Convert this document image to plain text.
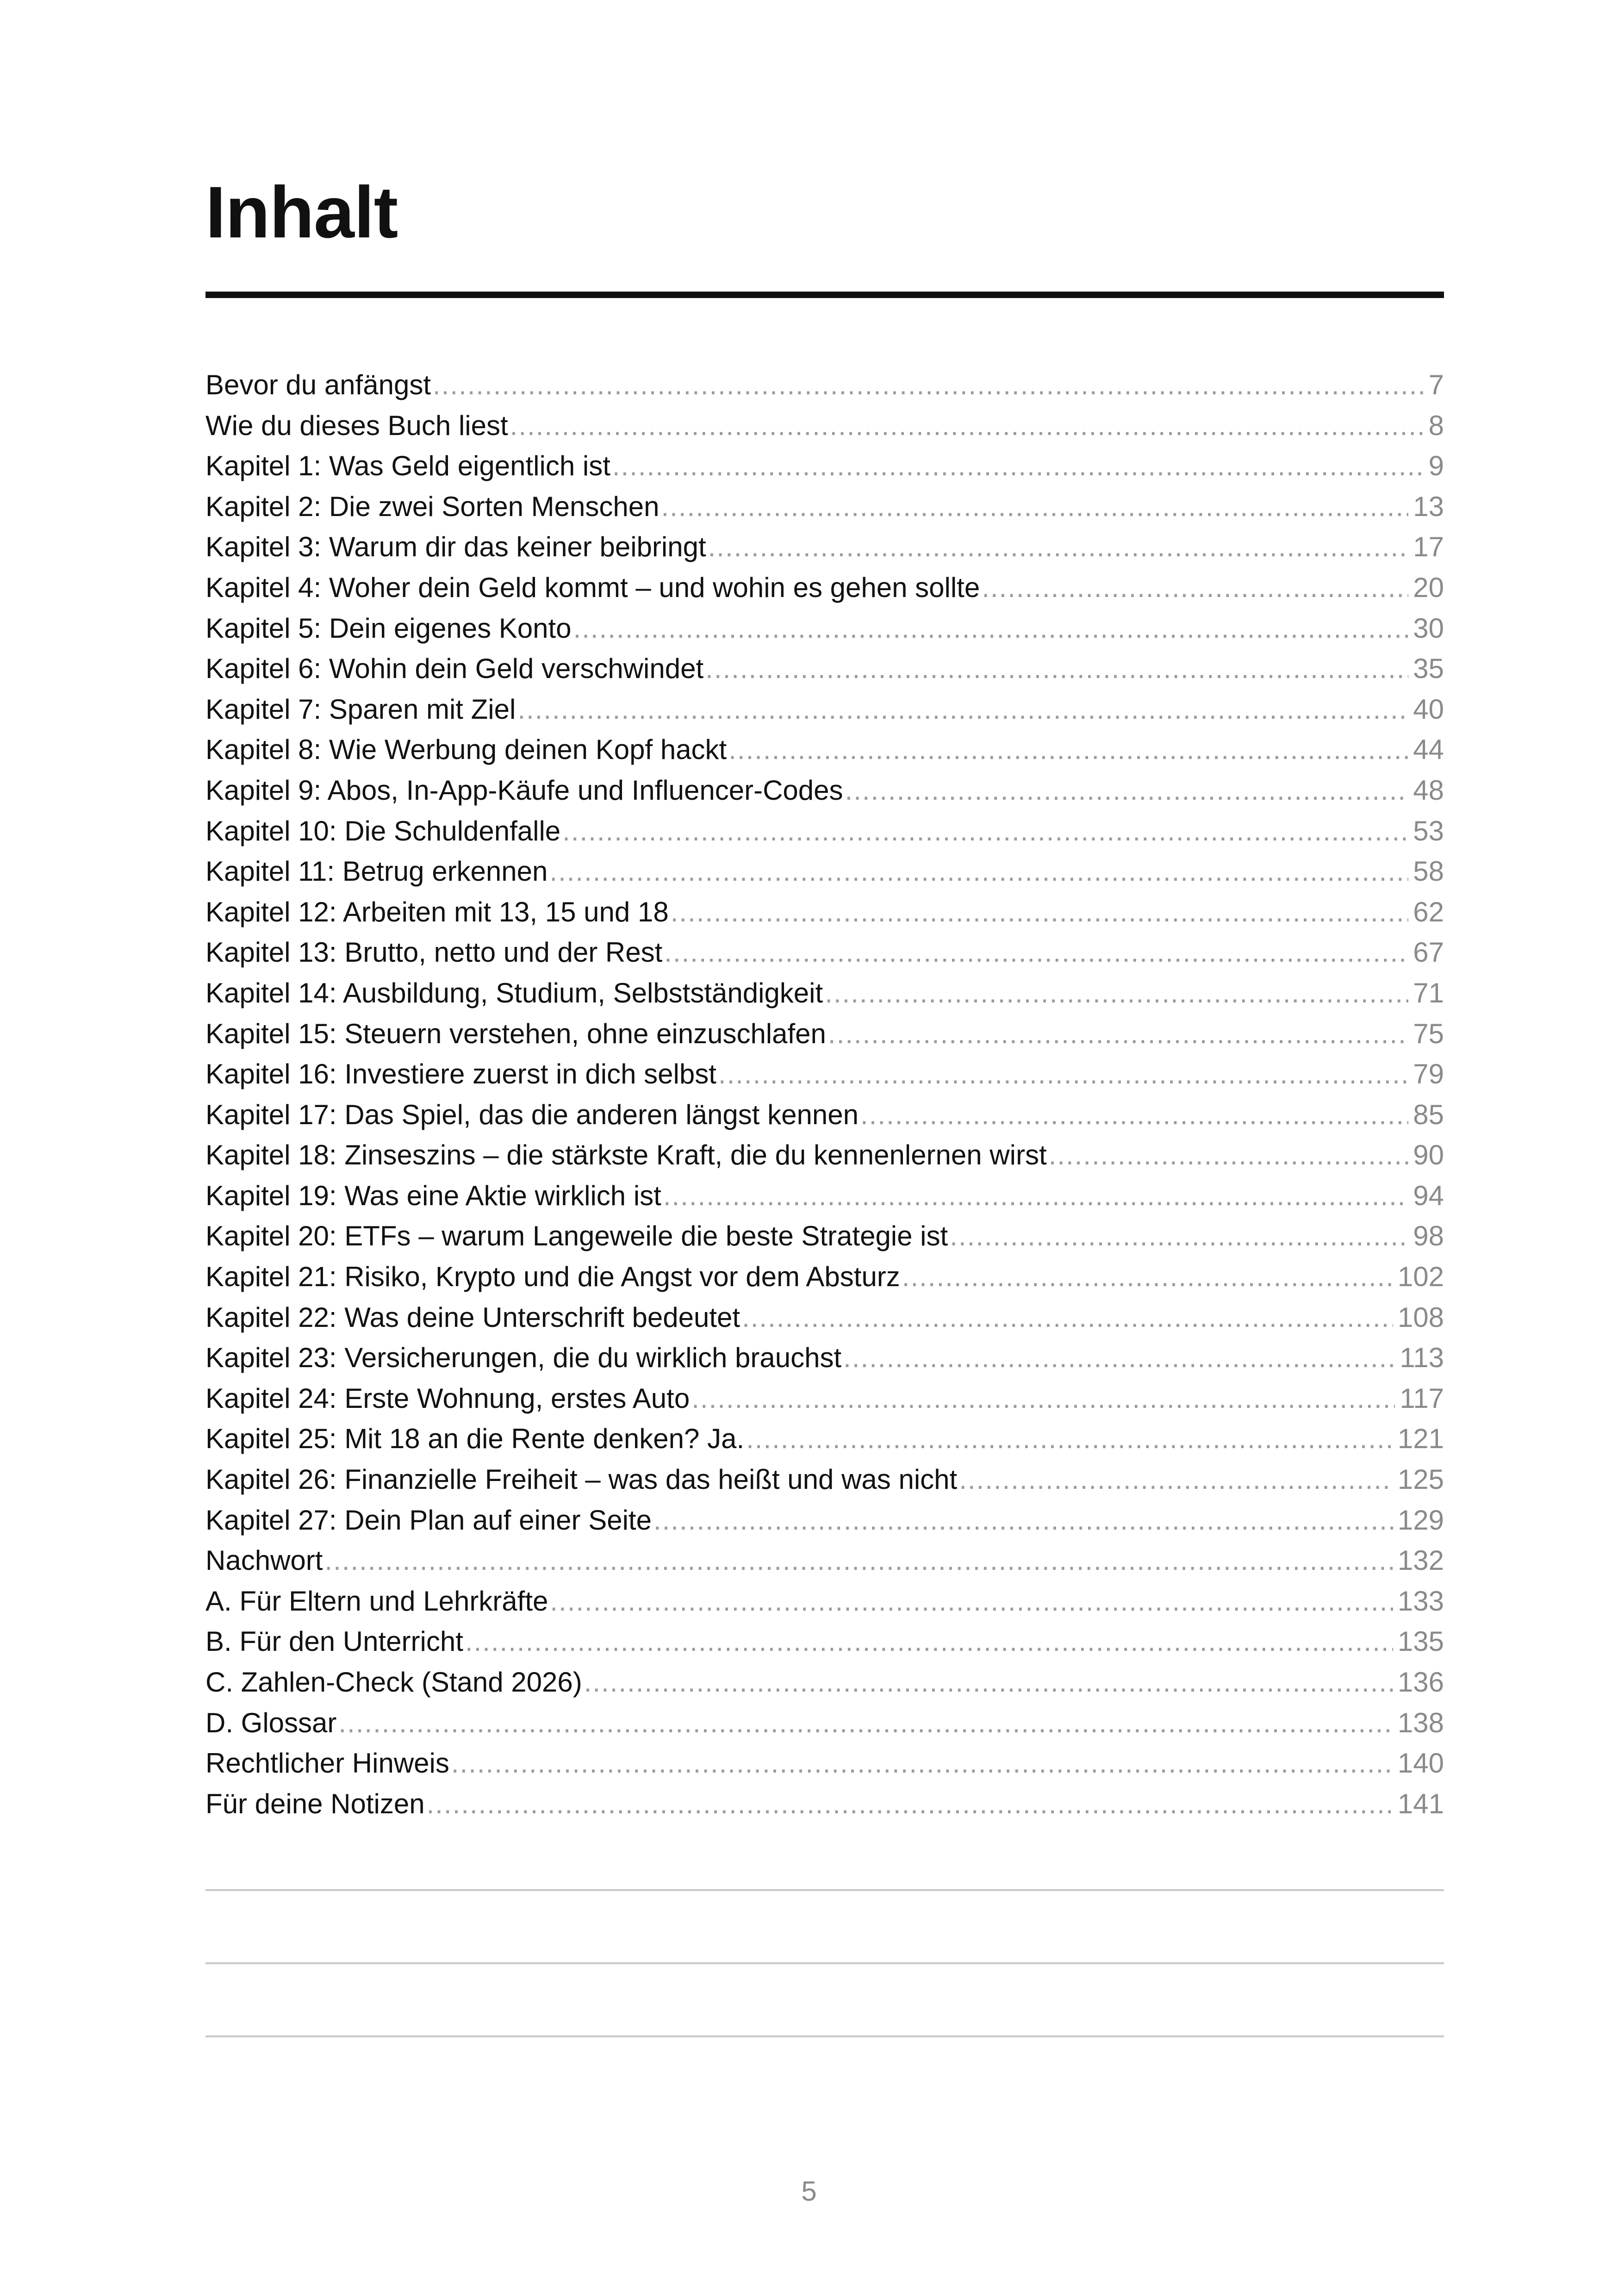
Inhalt
Bevor du anfängst .....	7
Wie du dieses Buch liest .....	8
Kapitel 1: Was Geld eigentlich ist .....	9
Kapitel 2: Die zwei Sorten Menschen .....	13
Kapitel 3: Warum dir das keiner beibringt .....	17
Kapitel 4: Woher dein Geld kommt – und wohin es gehen sollte .....	20
Kapitel 5: Dein eigenes Konto .....	30
Kapitel 6: Wohin dein Geld verschwindet .....	35
Kapitel 7: Sparen mit Ziel .....	40
Kapitel 8: Wie Werbung deinen Kopf hackt .....	44
Kapitel 9: Abos, In-App-Käufe und Influencer-Codes .....	48
Kapitel 10: Die Schuldenfalle .....	53
Kapitel 11: Betrug erkennen .....	58
Kapitel 12: Arbeiten mit 13, 15 und 18 .....	62
Kapitel 13: Brutto, netto und der Rest .....	67
Kapitel 14: Ausbildung, Studium, Selbstständigkeit .....	71
Kapitel 15: Steuern verstehen, ohne einzuschlafen .....	75
Kapitel 16: Investiere zuerst in dich selbst .....	79
Kapitel 17: Das Spiel, das die anderen längst kennen .....	85
Kapitel 18: Zinseszins – die stärkste Kraft, die du kennenlernen wirst .....	90
Kapitel 19: Was eine Aktie wirklich ist .....	94
Kapitel 20: ETFs – warum Langeweile die beste Strategie ist .....	98
Kapitel 21: Risiko, Krypto und die Angst vor dem Absturz .....	102
Kapitel 22: Was deine Unterschrift bedeutet .....	108
Kapitel 23: Versicherungen, die du wirklich brauchst .....	113
Kapitel 24: Erste Wohnung, erstes Auto .....	117
Kapitel 25: Mit 18 an die Rente denken? Ja. .....	121
Kapitel 26: Finanzielle Freiheit – was das heißt und was nicht .....	125
Kapitel 27: Dein Plan auf einer Seite .....	129
Nachwort .....	132
A. Für Eltern und Lehrkräfte .....	133
B. Für den Unterricht .....	135
C. Zahlen-Check (Stand 2026) .....	136
D. Glossar .....	138
Rechtlicher Hinweis .....	140
Für deine Notizen .....	141
5
